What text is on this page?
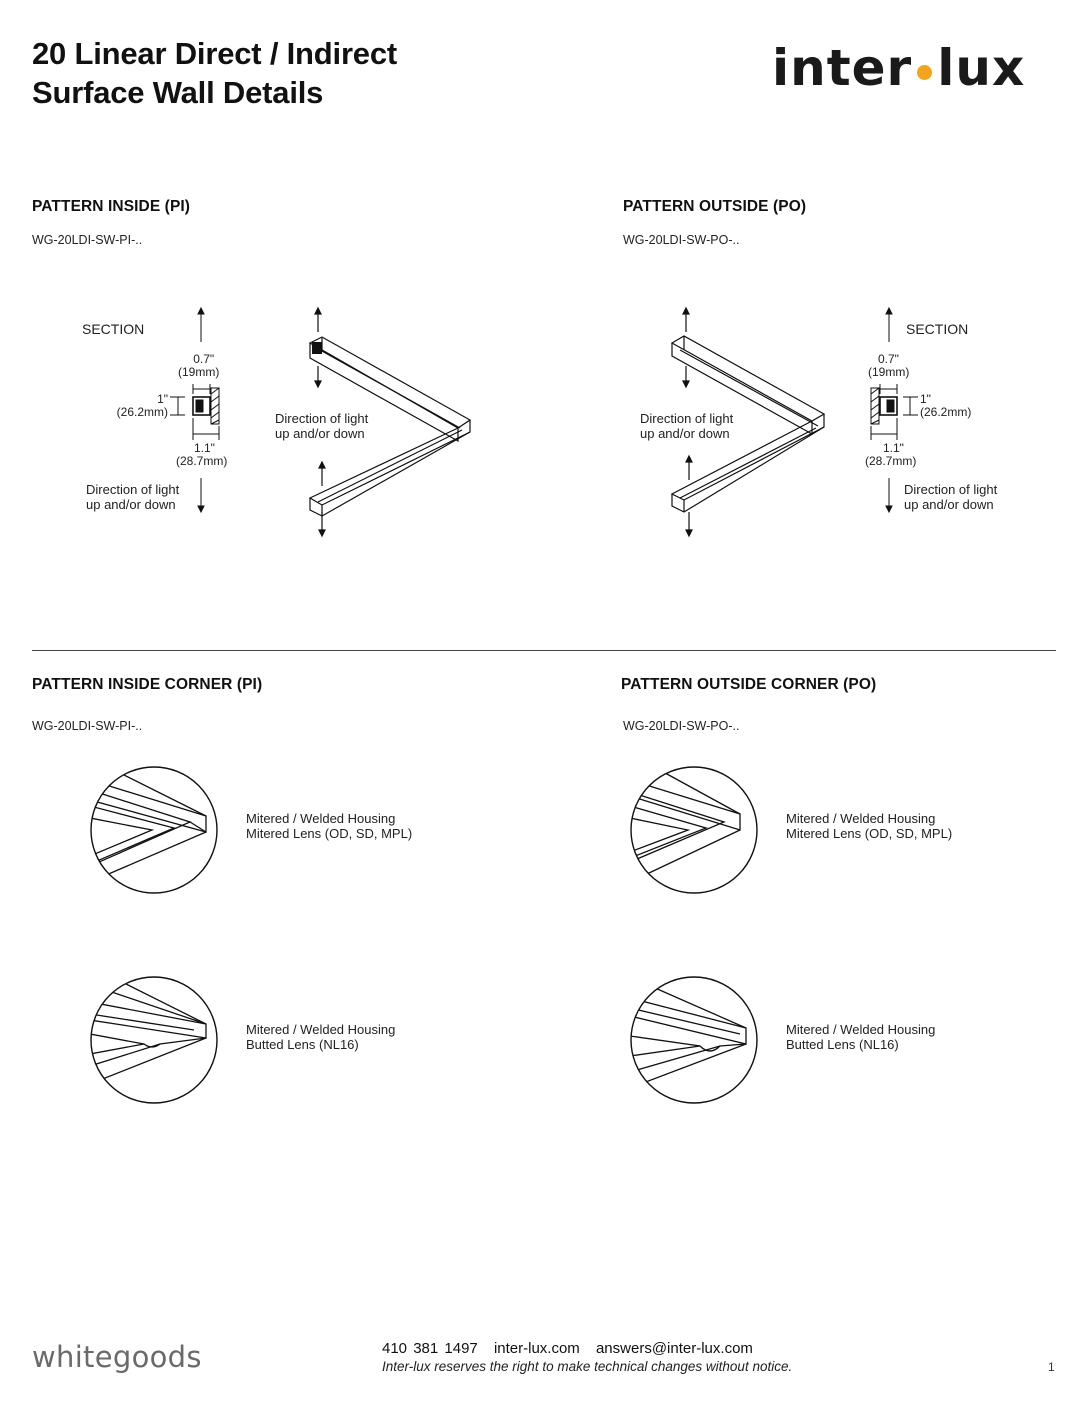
20 Linear Direct / Indirect
Surface Wall Details	inter lux
PATTERN INSIDE (PI)
WG-20LDI-SW-PI-..
SECTION
0.7"
(19mm)
1"
(26.2mm)
1.1"
(28.7mm)
Direction of light
up and/or down
Direction of light
up and/or down
PATTERN OUTSIDE (PO)
WG-20LDI-SW-PO-..
SECTION
0.7"
(19mm)
1"
(26.2mm)
1.1"
(28.7mm)
Direction of light
up and/or down
Direction of light
up and/or down
PATTERN INSIDE CORNER (PI)
WG-20LDI-SW-PI-..
Mitered / Welded Housing
Mitered Lens (OD, SD, MPL)
Mitered / Welded Housing
Butted Lens (NL16)
PATTERN OUTSIDE CORNER (PO)
WG-20LDI-SW-PO-..
Mitered / Welded Housing
Mitered Lens (OD, SD, MPL)
Mitered / Welded Housing
Butted Lens (NL16)
whitegoods	410 381 1497 inter-lux.com answers@inter-lux.com
Inter-lux reserves the right to make technical changes without notice.	1
